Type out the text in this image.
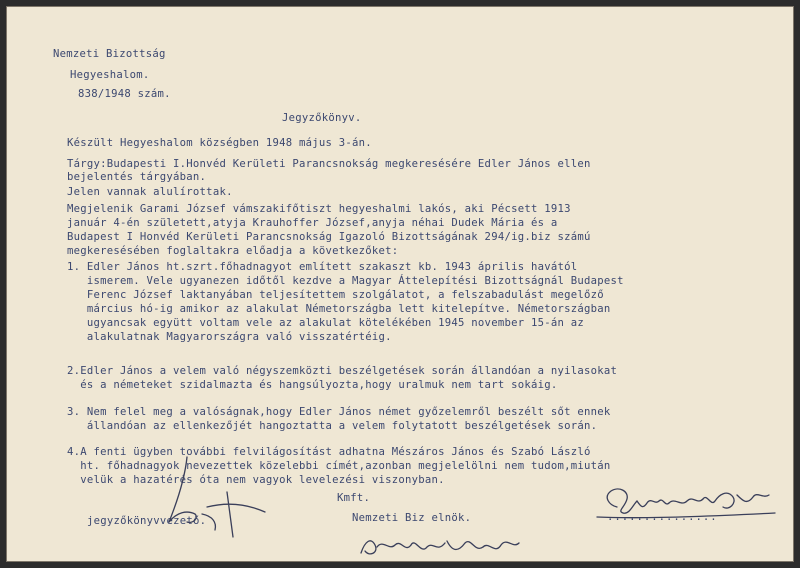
Nemzeti Bizottság
Hegyeshalom.
838/1948 szám.
Jegyzőkönyv.
Készült Hegyeshalom községben 1948 május 3-án.
Tárgy:Budapesti I.Honvéd Kerületi Parancsnokság megkeresésére Edler János ellen
bejelentés tárgyában.
Jelen vannak alulírottak.
Megjelenik Garami József vámszakifőtiszt hegyeshalmi lakós, aki Pécsett 1913
január 4-én született,atyja Krauhoffer József,anyja néhai Dudek Mária és a
Budapest I Honvéd Kerületi Parancsnokság Igazoló Bizottságának 294/ig.biz számú
megkeresésében foglaltakra előadja a következőket:
1. Edler János ht.szrt.főhadnagyot említett szakaszt kb. 1943 április havától
ismerem. Vele ugyanezen időtől kezdve a Magyar Áttelepítési Bizottságnál Budapest
Ferenc József laktanyában teljesítettem szolgálatot, a felszabadulást megelőző
március hó-ig amikor az alakulat Németországba lett kitelepítve. Németországban
ugyancsak együtt voltam vele az alakulat kötelékében 1945 november 15-án az
alakulatnak Magyarországra való visszatértéig.
2.Edler János a velem való négyszemközti beszélgetések során állandóan a nyilasokat
és a németeket szidalmazta és hangsúlyozta,hogy uralmuk nem tart sokáig.
3. Nem felel meg a valóságnak,hogy Edler János német győzelemről beszélt sőt ennek
állandóan az ellenkezőjét hangoztatta a velem folytatott beszélgetések során.
4.A fenti ügyben további felvilágosítást adhatna Mészáros János és Szabó László
ht. főhadnagyok nevezettek közelebbi címét,azonban megjelelölni nem tudom,miután
velük a hazatérés óta nem vagyok levelezési viszonyban.
Kmft.
jegyzőkönyvvezető.	Nemzeti Biz elnök.	...............
